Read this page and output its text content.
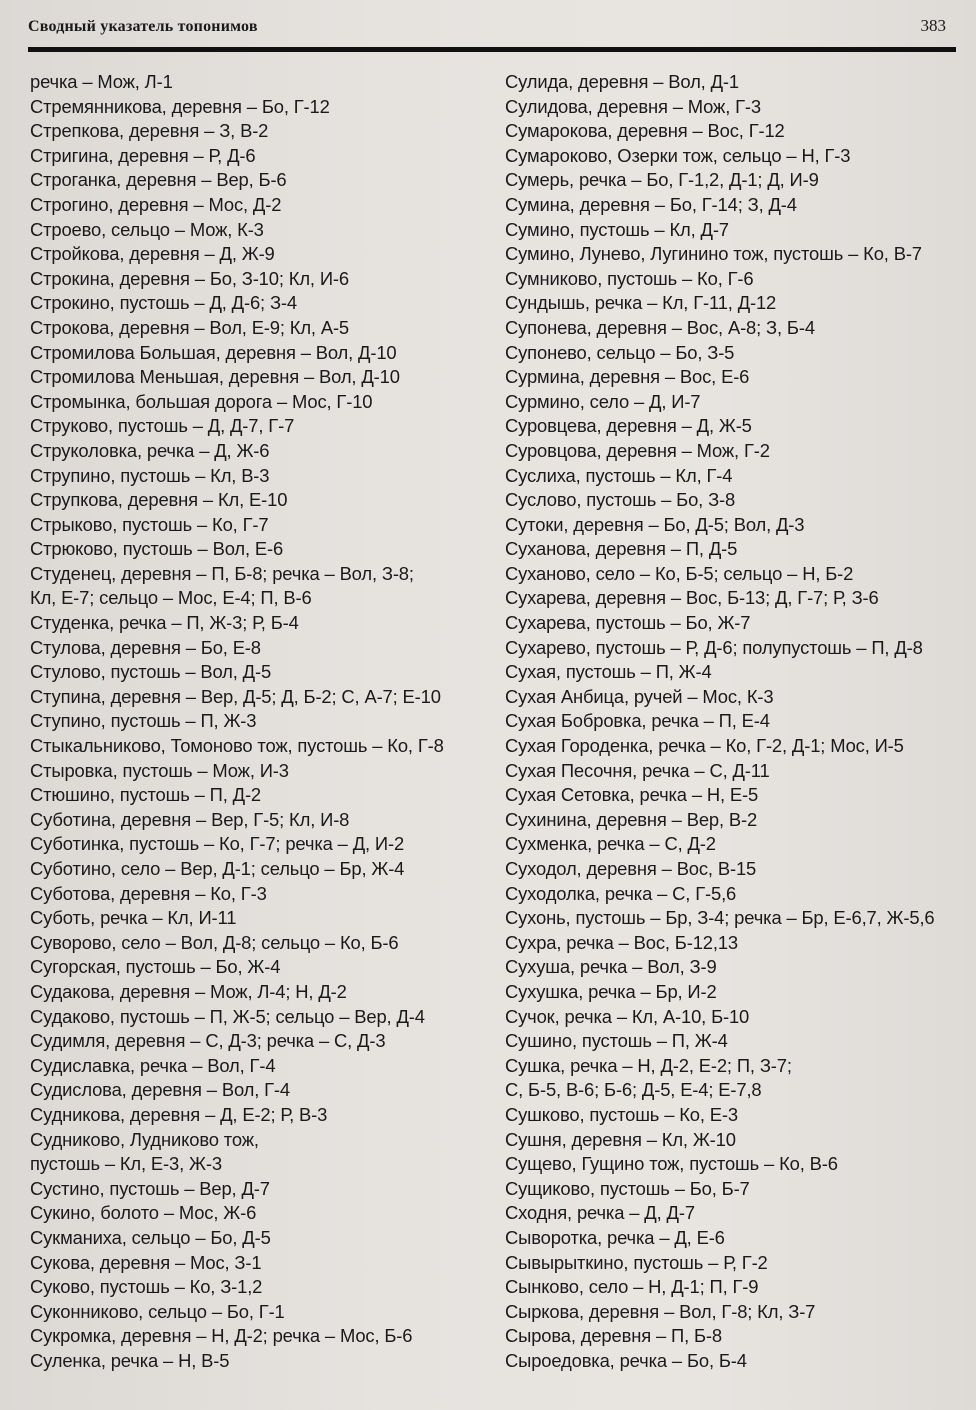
Сводный указатель топонимов	383
речка – Мож, Л-1
Стремянникова, деревня – Бо, Г-12
Стрепкова, деревня – З, В-2
Стригина, деревня – Р, Д-6
Строганка, деревня – Вер, Б-6
Строгино, деревня – Мос, Д-2
Строево, сельцо – Мож, К-3
Стройкова, деревня – Д, Ж-9
Строкина, деревня – Бо, З-10; Кл, И-6
Строкино, пустошь – Д, Д-6; З-4
Строкова, деревня – Вол, Е-9; Кл, А-5
Стромилова Большая, деревня – Вол, Д-10
Стромилова Меньшая, деревня – Вол, Д-10
Стромынка, большая дорога – Мос, Г-10
Струково, пустошь – Д, Д-7, Г-7
Струколовка, речка – Д, Ж-6
Струпино, пустошь – Кл, В-3
Струпкова, деревня – Кл, Е-10
Стрыково, пустошь – Ко, Г-7
Стрюково, пустошь – Вол, Е-6
Студенец, деревня – П, Б-8; речка – Вол, З-8;
Кл, Е-7; сельцо – Мос, Е-4; П, В-6
Студенка, речка – П, Ж-3; Р, Б-4
Стулова, деревня – Бо, Е-8
Стулово, пустошь – Вол, Д-5
Ступина, деревня – Вер, Д-5; Д, Б-2; С, А-7; Е-10
Ступино, пустошь – П, Ж-3
Стыкальниково, Томоново тож, пустошь – Ко, Г-8
Стыровка, пустошь – Мож, И-3
Стюшино, пустошь – П, Д-2
Суботина, деревня – Вер, Г-5; Кл, И-8
Суботинка, пустошь – Ко, Г-7; речка – Д, И-2
Суботино, село – Вер, Д-1; сельцо – Бр, Ж-4
Суботова, деревня – Ко, Г-3
Суботь, речка – Кл, И-11
Суворово, село – Вол, Д-8; сельцо – Ко, Б-6
Сугорская, пустошь – Бо, Ж-4
Судакова, деревня – Мож, Л-4; Н, Д-2
Судаково, пустошь – П, Ж-5; сельцо – Вер, Д-4
Судимля, деревня – С, Д-3; речка – С, Д-3
Судиславка, речка – Вол, Г-4
Судислова, деревня – Вол, Г-4
Судникова, деревня – Д, Е-2; Р, В-3
Судниково, Лудниково тож,
пустошь – Кл, Е-3, Ж-3
Сустино, пустошь – Вер, Д-7
Сукино, болото – Мос, Ж-6
Сукманиха, сельцо – Бо, Д-5
Сукова, деревня – Мос, З-1
Суково, пустошь – Ко, З-1,2
Суконниково, сельцо – Бо, Г-1
Сукромка, деревня – Н, Д-2; речка – Мос, Б-6
Суленка, речка – Н, В-5
Сулида, деревня – Вол, Д-1
Сулидова, деревня – Мож, Г-3
Сумарокова, деревня – Вос, Г-12
Сумароково, Озерки тож, сельцо – Н, Г-3
Сумерь, речка – Бо, Г-1,2, Д-1; Д, И-9
Сумина, деревня – Бо, Г-14; З, Д-4
Сумино, пустошь – Кл, Д-7
Сумино, Лунево, Лугинино тож, пустошь – Ко, В-7
Сумниково, пустошь – Ко, Г-6
Сундышь, речка – Кл, Г-11, Д-12
Супонева, деревня – Вос, А-8; З, Б-4
Супонево, сельцо – Бо, З-5
Сурмина, деревня – Вос, Е-6
Сурмино, село – Д, И-7
Суровцева, деревня – Д, Ж-5
Суровцова, деревня – Мож, Г-2
Суслиха, пустошь – Кл, Г-4
Суслово, пустошь – Бо, З-8
Сутоки, деревня – Бо, Д-5; Вол, Д-3
Суханова, деревня – П, Д-5
Суханово, село – Ко, Б-5; сельцо – Н, Б-2
Сухарева, деревня – Вос, Б-13; Д, Г-7; Р, З-6
Сухарева, пустошь – Бо, Ж-7
Сухарево, пустошь – Р, Д-6; полупустошь – П, Д-8
Сухая, пустошь – П, Ж-4
Сухая Анбица, ручей – Мос, К-3
Сухая Бобровка, речка – П, Е-4
Сухая Городенка, речка – Ко, Г-2, Д-1; Мос, И-5
Сухая Песочня, речка – С, Д-11
Сухая Сетовка, речка – Н, Е-5
Сухинина, деревня – Вер, В-2
Сухменка, речка – С, Д-2
Суходол, деревня – Вос, В-15
Суходолка, речка – С, Г-5,6
Сухонь, пустошь – Бр, З-4; речка – Бр, Е-6,7, Ж-5,6
Сухра, речка – Вос, Б-12,13
Сухуша, речка – Вол, З-9
Сухушка, речка – Бр, И-2
Сучок, речка – Кл, А-10, Б-10
Сушино, пустошь – П, Ж-4
Сушка, речка – Н, Д-2, Е-2; П, З-7;
С, Б-5, В-6; Б-6; Д-5, Е-4; Е-7,8
Сушково, пустошь – Ко, Е-3
Сушня, деревня – Кл, Ж-10
Сущево, Гущино тож, пустошь – Ко, В-6
Сущиково, пустошь – Бо, Б-7
Сходня, речка – Д, Д-7
Сыворотка, речка – Д, Е-6
Сывырыткино, пустошь – Р, Г-2
Сынково, село – Н, Д-1; П, Г-9
Сыркова, деревня – Вол, Г-8; Кл, З-7
Сырова, деревня – П, Б-8
Сыроедовка, речка – Бо, Б-4
